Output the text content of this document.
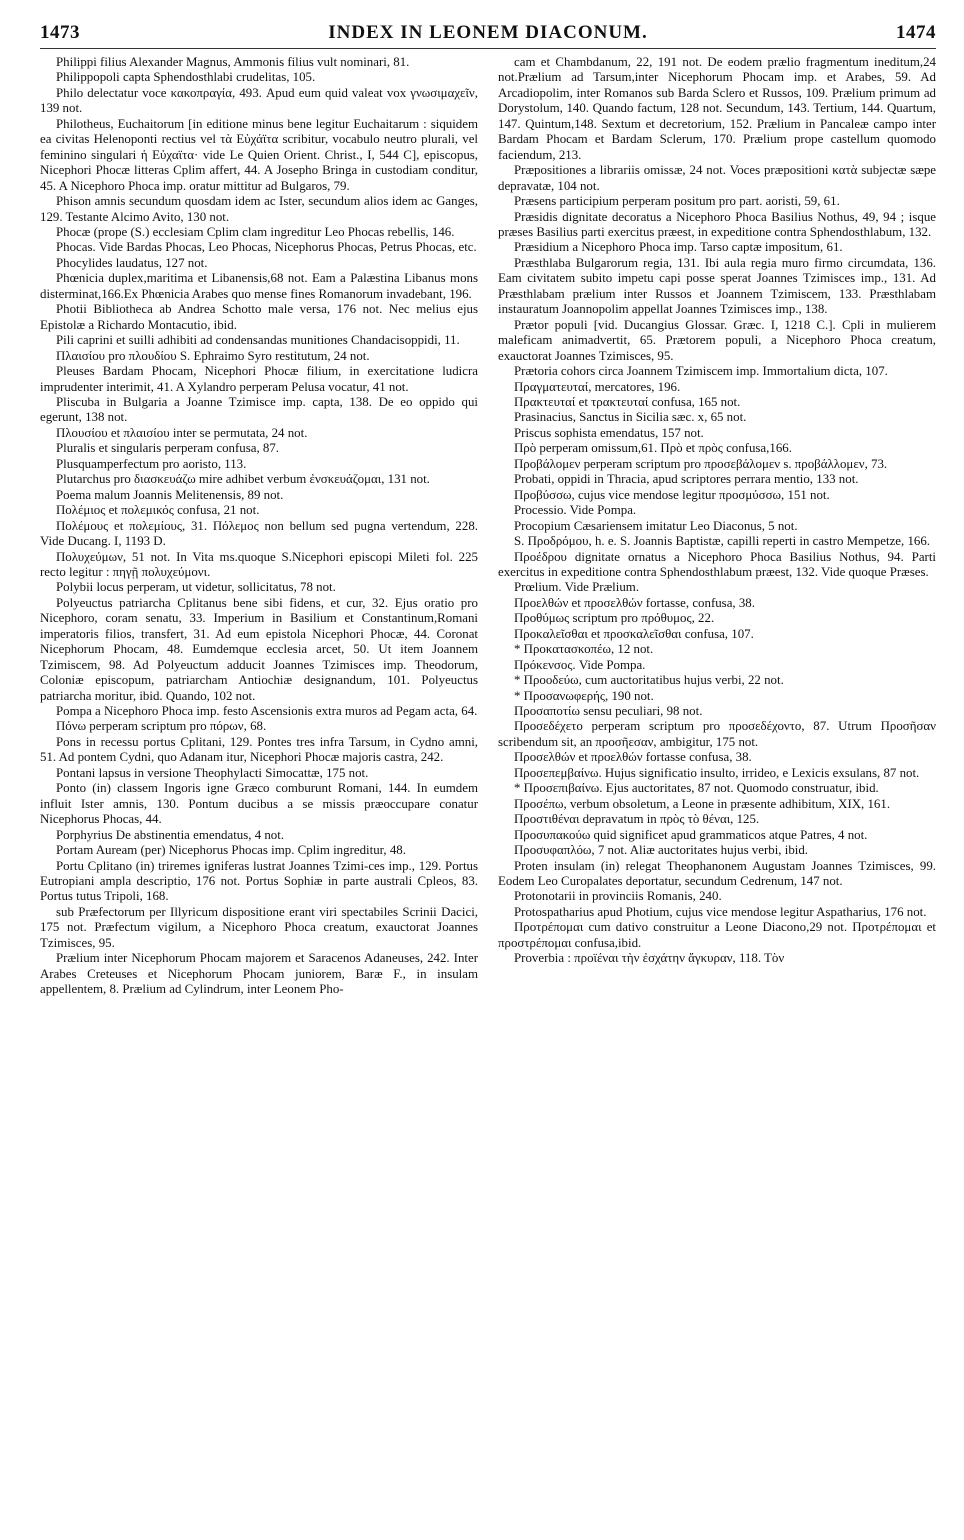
1473	INDEX IN LEONEM DIACONUM.	1474

Philippi filius Alexander Magnus, Ammonis filius vult nominari, 81.

Philippopoli capta Sphendosthlabi crudelitas, 105.

Philo delectatur voce κακοπραγία, 493. Apud eum quid valeat vox γνωσιμαχεῖν, 139 not.

Philotheus, Euchaitorum [in editione minus bene legitur Euchaitarum : siquidem ea civitas Helenoponti rectius vel τὰ Εὐχάϊτα scribitur, vocabulo neutro plurali, vel feminino singulari ἡ Εὐχαϊτα· vide Le Quien Orient. Christ., I, 544 C], episcopus, Nicephori Phocæ litteras Cplim affert, 44. A Josepho Bringa in custodiam conditur, 45. A Nicephoro Phoca imp. oratur mittitur ad Bulgaros, 79.

Phison amnis secundum quosdam idem ac Ister, secundum alios idem ac Ganges, 129. Testante Alcimo Avito, 130 not.

Phocæ (prope (S.) ecclesiam Cplim clam ingreditur Leo Phocas rebellis, 146.

Phocas. Vide Bardas Phocas, Leo Phocas, Nicephorus Phocas, Petrus Phocas, etc.

Phocylides laudatus, 127 not.

Phœnicia duplex,maritima et Libanensis,68 not. Eam a Palæstina Libanus mons disterminat,166.Ex Phœnicia Arabes quo mense fines Romanorum invadebant, 196.

Photii Bibliotheca ab Andrea Schotto male versa, 176 not. Nec melius ejus Epistolæ a Richardo Montacutio, ibid.

Pili caprini et suilli adhibiti ad condensandas munitiones Chandacisoppidi, 11.

Πλαισίου pro πλουδίου S. Ephraimo Syro restitutum, 24 not.

Pleuses Bardam Phocam, Nicephori Phocæ filium, in exercitatione ludicra imprudenter interimit, 41. A Xylandro perperam Pelusa vocatur, 41 not.

Pliscuba in Bulgaria a Joanne Tzimisce imp. capta, 138. De eo oppido qui egerunt, 138 not.

Πλουσίου et πλαισίου inter se permutata, 24 not.

Pluralis et singularis perperam confusa, 87.

Plusquamperfectum pro aoristo, 113.

Plutarchus pro διασκευάζω mire adhibet verbum ἐνσκευάζομαι, 131 not.

Poema malum Joannis Melitenensis, 89 not.

Πολέμιος et πολεμικός confusa, 21 not.

Πολέμους et πολεμίους, 31. Πόλεμος non bellum sed pugna vertendum, 228. Vide Ducang. I, 1193 D.

Πολυχεύμων, 51 not. In Vita ms.quoque S.Nicephori episcopi Mileti fol. 225 recto legitur : πηγῇ πολυχεύμονι.

Polybii locus perperam, ut videtur, sollicitatus, 78 not.

Polyeuctus patriarcha Cplitanus bene sibi fidens, et cur, 32. Ejus oratio pro Nicephoro, coram senatu, 33. Imperium in Basilium et Constantinum,Romani imperatoris filios, transfert, 31. Ad eum epistola Nicephori Phocæ, 44. Coronat Nicephorum Phocam, 48. Eumdemque ecclesia arcet, 50. Ut item Joannem Tzimiscem, 98. Ad Polyeuctum adducit Joannes Tzimisces imp. Theodorum, Coloniæ episcopum, patriarcham Antiochiæ designandum, 101. Polyeuctus patriarcha moritur, ibid. Quando, 102 not.

Pompa a Nicephoro Phoca imp. festo Ascensionis extra muros ad Pegam acta, 64.

Πόνω perperam scriptum pro πόρων, 68.

Pons in recessu portus Cplitani, 129. Pontes tres infra Tarsum, in Cydno amni, 51. Ad pontem Cydni, quo Adanam itur, Nicephori Phocæ majoris castra, 242.

Pontani lapsus in versione Theophylacti Simocattæ, 175 not.

Ponto (in) classem Ingoris igne Græco comburunt Romani, 144. In eumdem influit Ister amnis, 130. Pontum ducibus a se missis præoccupare conatur Nicephorus Phocas, 44.

Porphyrius De abstinentia emendatus, 4 not.

Portam Auream (per) Nicephorus Phocas imp. Cplim ingreditur, 48.

Portu Cplitano (in) triremes igniferas lustrat Joannes Tzimi-ces imp., 129. Portus Eutropiani ampla descriptio, 176 not. Portus Sophiæ in parte australi Cpleos, 83. Portus tutus Tripoli, 168.

sub Præfectorum per Illyricum dispositione erant viri spectabiles Scrinii Dacici, 175 not. Præfectum vigilum, a Nicephoro Phoca creatum, exauctorat Joannes Tzimisces, 95.

Prælium inter Nicephorum Phocam majorem et Saracenos Adaneuses, 242. Inter Arabes Creteuses et Nicephorum Phocam juniorem, Baræ F., in insulam appellentem, 8. Prælium ad Cylindrum, inter Leonem Pho-

cam et Chambdanum, 22, 191 not. De eodem prælio fragmentum ineditum,24 not.Prælium ad Tarsum,inter Nicephorum Phocam imp. et Arabes, 59. Ad Arcadiopolim, inter Romanos sub Barda Sclero et Russos, 109. Prælium primum ad Dorystolum, 140. Quando factum, 128 not. Secundum, 143. Tertium, 144. Quartum, 147. Quintum,148. Sextum et decretorium, 152. Prælium in Pancaleæ campo inter Bardam Phocam et Bardam Sclerum, 170. Prælium prope castellum quomodo faciendum, 213.

Præpositiones a librariis omissæ, 24 not. Voces præpositioni κατὰ subjectæ sæpe depravatæ, 104 not.

Præsens participium perperam positum pro part. aoristi, 59, 61.

Præsidis dignitate decoratus a Nicephoro Phoca Basilius Nothus, 49, 94 ; isque præses Basilius parti exercitus præest, in expeditione contra Sphendosthlabum, 132.

Præsidium a Nicephoro Phoca imp. Tarso captæ impositum, 61.

Præsthlaba Bulgarorum regia, 131. Ibi aula regia muro firmo circumdata, 136. Eam civitatem subito impetu capi posse sperat Joannes Tzimisces imp., 131. Ad Præsthlabam prælium inter Russos et Joannem Tzimiscem, 133. Præsthlabam instauratum Joannopolim appellat Joannes Tzimisces imp., 138.

Prætor populi [vid. Ducangius Glossar. Græc. I, 1218 C.]. Cpli in mulierem maleficam animadvertit, 65. Prætorem populi, a Nicephoro Phoca creatum, exauctorat Joannes Tzimisces, 95.

Prætoria cohors circa Joannem Tzimiscem imp. Immortalium dicta, 107.

Πραγματευταί, mercatores, 196.

Πρακτευταί et τρακτευταί confusa, 165 not.

Prasinacius, Sanctus in Sicilia sæc. x, 65 not.

Priscus sophista emendatus, 157 not.

Πρὸ perperam omissum,61. Πρὸ et πρὸς confusa,166.

Προβάλομεν perperam scriptum pro προσεβάλομεν s. προβάλλομεν, 73.

Probati, oppidi in Thracia, apud scriptores perrara mentio, 133 not.

Προβύσσω, cujus vice mendose legitur προσμύσσω, 151 not.

Processio. Vide Pompa.

Procopium Cæsariensem imitatur Leo Diaconus, 5 not.

S. Προδρόμου, h. e. S. Joannis Baptistæ, capilli reperti in castro Mempetze, 166.

Προέδρου dignitate ornatus a Nicephoro Phoca Basilius Nothus, 94. Parti exercitus in expeditione contra Sphendosthlabum præest, 132. Vide quoque Præses.

Prœlium. Vide Prælium.

Προελθών et προσελθών fortasse, confusa, 38.

Προθύμως scriptum pro πρόθυμος, 22.

Προκαλεῖσθαι et προσκαλεῖσθαι confusa, 107.

* Προκατασκοπέω, 12 not.

Πρόκενσος. Vide Pompa.

* Προοδεύω, cum auctoritatibus hujus verbi, 22 not.

* Προσανωφερής, 190 not.

Προσαποτίω sensu peculiari, 98 not.

Προσεδέχετο perperam scriptum pro προσεδέχοντο, 87. Utrum Προσῆσαν scribendum sit, an προσῆεσαν, ambigitur, 175 not.

Προσελθών et προελθών fortasse confusa, 38.

Προσεπεμβαίνω. Hujus significatio insulto, irrideo, e Lexicis exsulans, 87 not.

* Προσεπιβαίνω. Ejus auctoritates, 87 not. Quomodo construatur, ibid.

Προσέπω, verbum obsoletum, a Leone in præsente adhibitum, XIX, 161.

Προστιθέναι depravatum in πρὸς τὸ θέναι, 125.

Προσυπακούω quid significet apud grammaticos atque Patres, 4 not.

Προσυφαπλόω, 7 not. Aliæ auctoritates hujus verbi, ibid.

Proten insulam (in) relegat Theophanonem Augustam Joannes Tzimisces, 99. Eodem Leo Curopalates deportatur, secundum Cedrenum, 147 not.

Protonotarii in provinciis Romanis, 240.

Protospatharius apud Photium, cujus vice mendose legitur Aspatharius, 176 not.

Προτρέπομαι cum dativo construitur a Leone Diacono,29 not. Προτρέπομαι et προστρέπομαι confusa,ibid.

Proverbia : προϊέναι τὴν ἐσχάτην ἄγκυραν, 118. Τὸν
